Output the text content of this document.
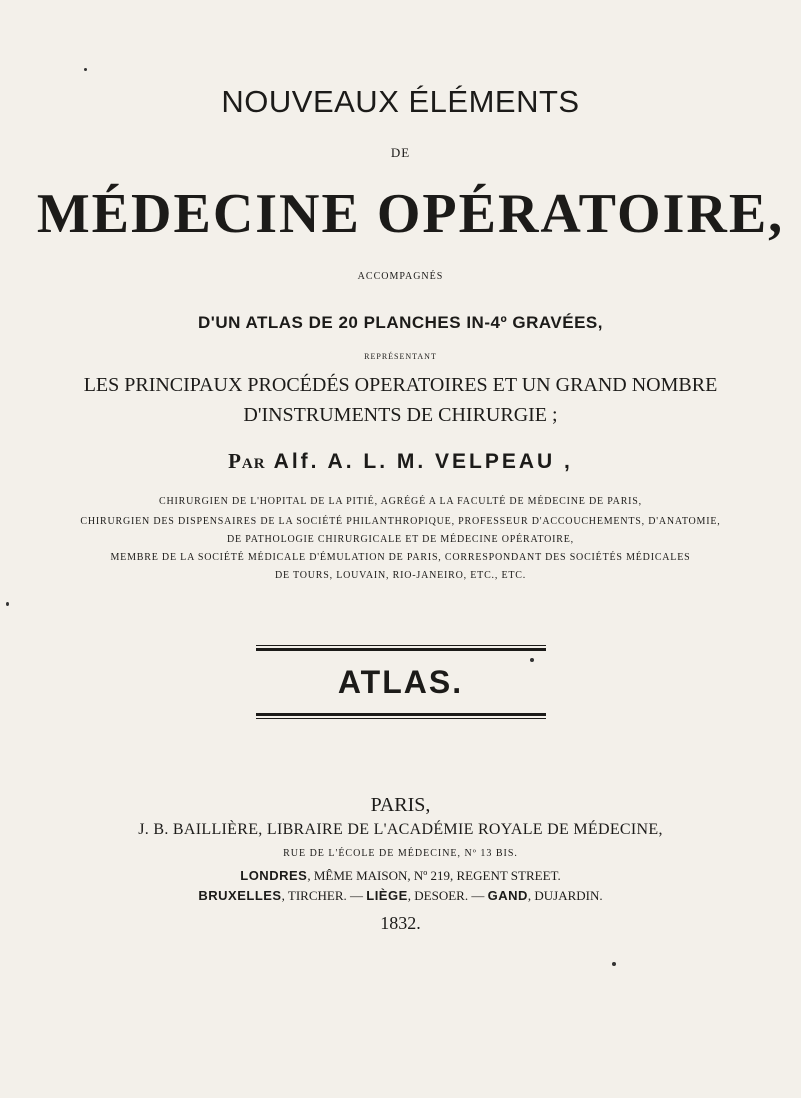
NOUVEAUX ÉLÉMENTS
DE
MÉDECINE OPÉRATOIRE,
ACCOMPAGNÉS
D'UN ATLAS DE 20 PLANCHES IN-4º GRAVÉES,
REPRÉSENTANT
LES PRINCIPAUX PROCÉDÉS OPERATOIRES ET UN GRAND NOMBRE
D'INSTRUMENTS DE CHIRURGIE ;
Par Alf. A. L. M. VELPEAU ,
CHIRURGIEN DE L'HOPITAL DE LA PITIÉ, AGRÉGÉ A LA FACULTÉ DE MÉDECINE DE PARIS,
CHIRURGIEN DES DISPENSAIRES DE LA SOCIÉTÉ PHILANTHROPIQUE, PROFESSEUR D'ACCOUCHEMENTS, D'ANATOMIE,
DE PATHOLOGIE CHIRURGICALE ET DE MÉDECINE OPÉRATOIRE,
MEMBRE DE LA SOCIÉTÉ MÉDICALE D'ÉMULATION DE PARIS, CORRESPONDANT DES SOCIÉTÉS MÉDICALES
DE TOURS, LOUVAIN, RIO-JANEIRO, ETC., ETC.
ATLAS.
PARIS,
J. B. BAILLIÈRE, LIBRAIRE DE L'ACADÉMIE ROYALE DE MÉDECINE,
RUE DE L'ÉCOLE DE MÉDECINE, Nº 13 BIS.
LONDRES, MÊME MAISON, Nº 219, REGENT STREET.
BRUXELLES, TIRCHER. — LIÈGE, DESOER. — GAND, DUJARDIN.
1832.
